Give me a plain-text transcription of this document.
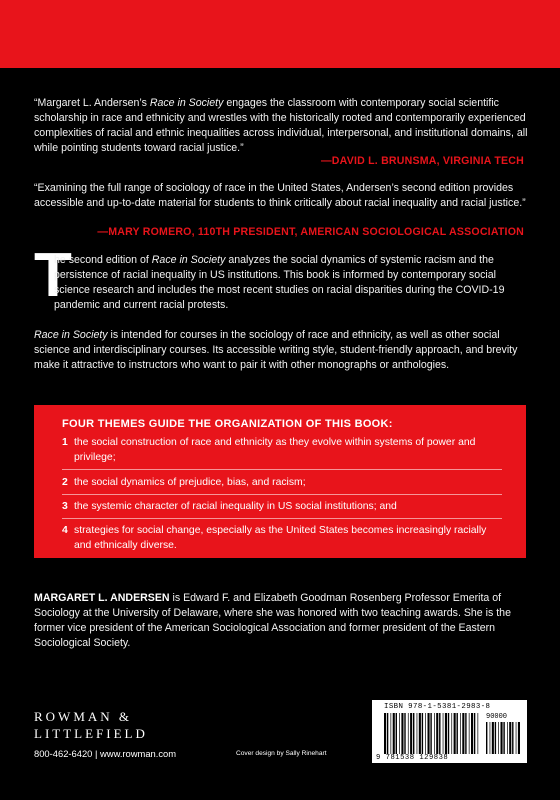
“Margaret L. Andersen’s Race in Society engages the classroom with contemporary social scientific scholarship in race and ethnicity and wrestles with the historically rooted and contemporarily experienced complexities of racial and ethnic inequalities across individual, interpersonal, and institutional domains, all while pointing students toward racial justice.”

—DAVID L. BRUNSMA, VIRGINIA TECH

“Examining the full range of sociology of race in the United States, Andersen’s second edition provides accessible and up-to-date material for students to think critically about racial inequality and racial justice.”

—MARY ROMERO, 110TH PRESIDENT, AMERICAN SOCIOLOGICAL ASSOCIATION
T

he second edition of Race in Society analyzes the social dynamics of systemic racism and the persistence of racial inequality in US institutions. This book is informed by contemporary social science research and includes the most recent studies on racial disparities during the COVID-19 pandemic and current racial protests.

Race in Society is intended for courses in the sociology of race and ethnicity, as well as other social science and interdisciplinary courses. Its accessible writing style, student-friendly approach, and brevity make it attractive to instructors who want to pair it with other monographs or anthologies.

FOUR THEMES GUIDE THE ORGANIZATION OF THIS BOOK:
1 the social construction of race and ethnicity as they evolve within systems of power and privilege;
2 the social dynamics of prejudice, bias, and racism;
3 the systemic character of racial inequality in US social institutions; and
4 strategies for social change, especially as the United States becomes increasingly racially and ethnically diverse.

MARGARET L. ANDERSEN is Edward F. and Elizabeth Goodman Rosenberg Professor Emerita of Sociology at the University of Delaware, where she was honored with two teaching awards. She is the former vice president of the American Sociological Association and former president of the Eastern Sociological Society.

ROWMAN &
LITTLEFIELD
800-462-6420 | www.rowman.com	Cover design by Sally Rinehart
ISBN 978-1-5381-2983-8
90000
9 781538 129838
